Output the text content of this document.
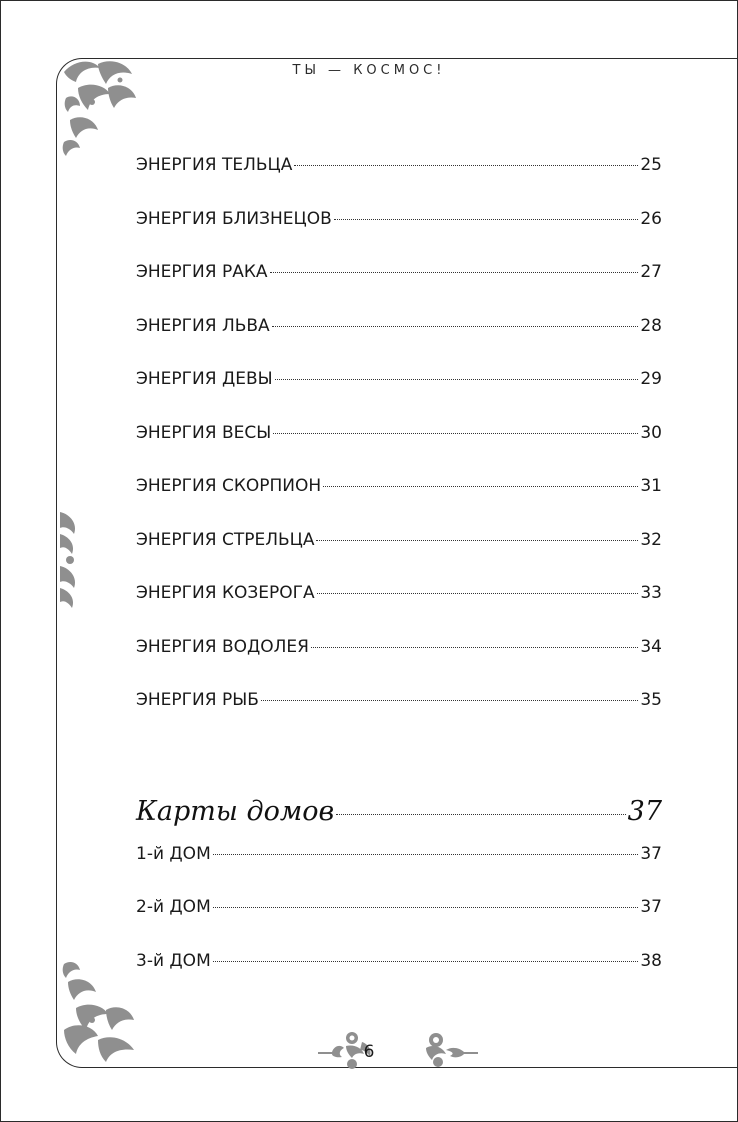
ТЫ — КОСМОС!
ЭНЕРГИЯ ТЕЛЬЦА	25
ЭНЕРГИЯ БЛИЗНЕЦОВ	26
ЭНЕРГИЯ РАКА	27
ЭНЕРГИЯ ЛЬВА	28
ЭНЕРГИЯ ДЕВЫ	29
ЭНЕРГИЯ ВЕСЫ	30
ЭНЕРГИЯ СКОРПИОН	31
ЭНЕРГИЯ СТРЕЛЬЦА	32
ЭНЕРГИЯ КОЗЕРОГА	33
ЭНЕРГИЯ ВОДОЛЕЯ	34
ЭНЕРГИЯ РЫБ	35
Карты домов	37
1-й ДОМ	37
2-й ДОМ	37
3-й ДОМ	38
6
